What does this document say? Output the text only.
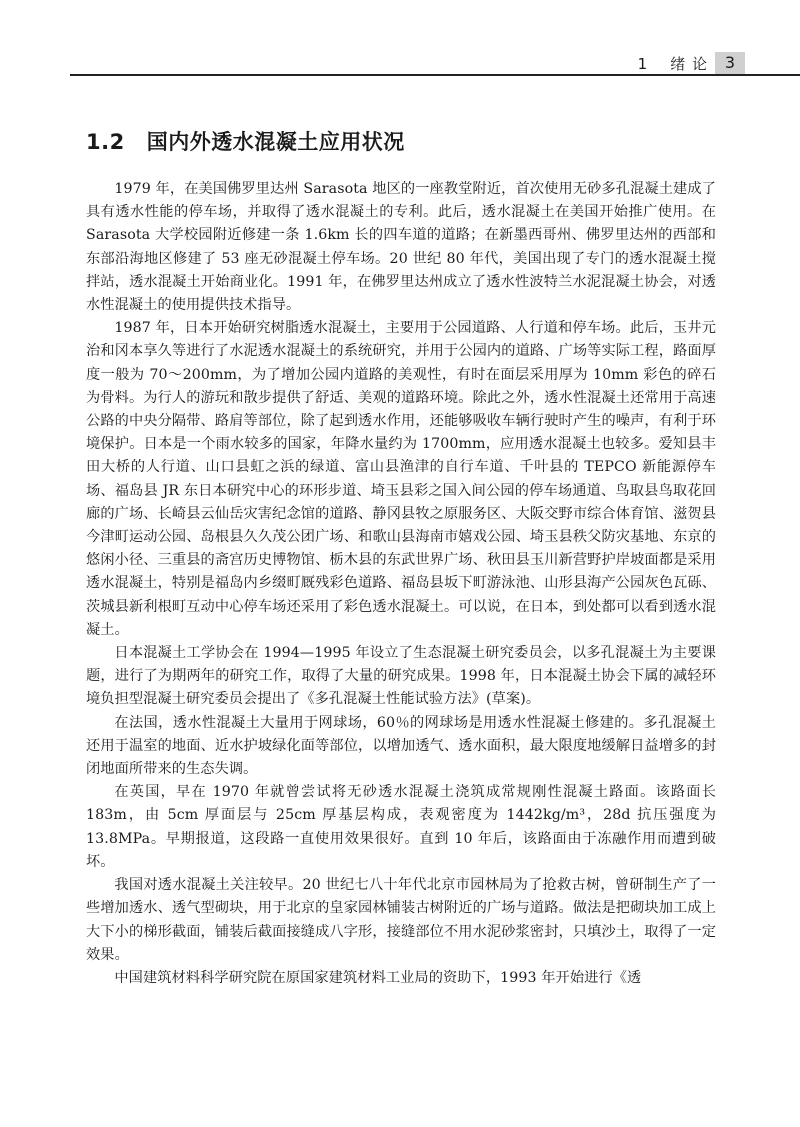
1 绪 论	3
1.2 国内外透水混凝土应用状况

1979 年，在美国佛罗里达州 Sarasota 地区的一座教堂附近，首次使用无砂多孔混凝土建成了具有透水性能的停车场，并取得了透水混凝土的专利。此后，透水混凝土在美国开始推广使用。在 Sarasota 大学校园附近修建一条 1.6km 长的四车道的道路；在新墨西哥州、佛罗里达州的西部和东部沿海地区修建了 53 座无砂混凝土停车场。20 世纪 80 年代，美国出现了专门的透水混凝土搅拌站，透水混凝土开始商业化。1991 年，在佛罗里达州成立了透水性波特兰水泥混凝土协会，对透水性混凝土的使用提供技术指导。

1987 年，日本开始研究树脂透水混凝土，主要用于公园道路、人行道和停车场。此后，玉井元治和冈本享久等进行了水泥透水混凝土的系统研究，并用于公园内的道路、广场等实际工程，路面厚度一般为 70～200mm，为了增加公园内道路的美观性，有时在面层采用厚为 10mm 彩色的碎石为骨料。为行人的游玩和散步提供了舒适、美观的道路环境。除此之外，透水性混凝土还常用于高速公路的中央分隔带、路肩等部位，除了起到透水作用，还能够吸收车辆行驶时产生的噪声，有利于环境保护。日本是一个雨水较多的国家，年降水量约为 1700mm，应用透水混凝土也较多。爱知县丰田大桥的人行道、山口县虹之浜的绿道、富山县渔津的自行车道、千叶县的 TEPCO 新能源停车场、福岛县 JR 东日本研究中心的环形步道、埼玉县彩之国入间公园的停车场通道、鸟取县鸟取花回廊的广场、长崎县云仙岳灾害纪念馆的道路、静冈县牧之原服务区、大阪交野市综合体育馆、滋贺县今津町运动公园、岛根县久久茂公团广场、和歌山县海南市嬉戏公园、埼玉县秩父防灾基地、东京的悠闲小径、三重县的斋宫历史博物馆、栃木县的东武世界广场、秋田县玉川新营野护岸坡面都是采用透水混凝土，特别是福岛内乡缀町厩残彩色道路、福岛县坂下町游泳池、山形县海产公园灰色瓦砾、茨城县新利根町互动中心停车场还采用了彩色透水混凝土。可以说，在日本，到处都可以看到透水混凝土。

日本混凝土工学协会在 1994—1995 年设立了生态混凝土研究委员会，以多孔混凝土为主要课题，进行了为期两年的研究工作，取得了大量的研究成果。1998 年，日本混凝土协会下属的减轻环境负担型混凝土研究委员会提出了《多孔混凝土性能试验方法》(草案)。

在法国，透水性混凝土大量用于网球场，60％的网球场是用透水性混凝土修建的。多孔混凝土还用于温室的地面、近水护坡绿化面等部位，以增加透气、透水面积，最大限度地缓解日益增多的封闭地面所带来的生态失调。

在英国，早在 1970 年就曾尝试将无砂透水混凝土浇筑成常规刚性混凝土路面。该路面长 183m，由 5cm 厚面层与 25cm 厚基层构成，表观密度为 1442kg/m³，28d 抗压强度为 13.8MPa。早期报道，这段路一直使用效果很好。直到 10 年后，该路面由于冻融作用而遭到破坏。

我国对透水混凝土关注较早。20 世纪七八十年代北京市园林局为了抢救古树，曾研制生产了一些增加透水、透气型砌块，用于北京的皇家园林铺装古树附近的广场与道路。做法是把砌块加工成上大下小的梯形截面，铺装后截面接缝成八字形，接缝部位不用水泥砂浆密封，只填沙土，取得了一定效果。

中国建筑材料科学研究院在原国家建筑材料工业局的资助下，1993 年开始进行《透
